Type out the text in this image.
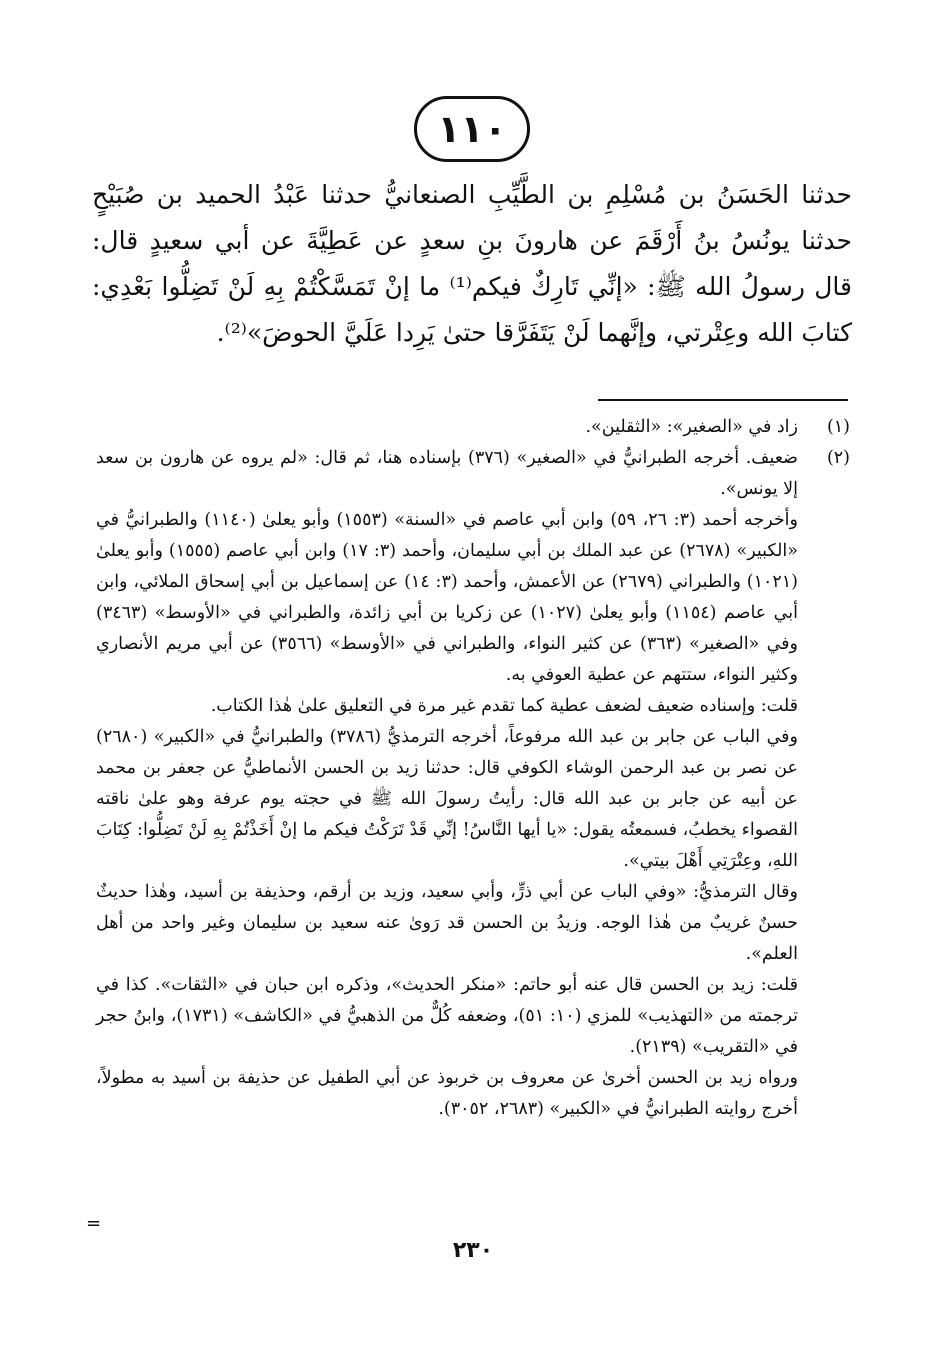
١١٠

حدثنا الحَسَنُ بن مُسْلِمِ بن الطَّيِّبِ الصنعانيُّ حدثنا عَبْدُ الحميد بن صُبَيْحٍ حدثنا يونُسُ بنُ أَرْقَمَ عن هارونَ بنِ سعدٍ عن عَطِيَّةَ عن أبي سعيدٍ قال: قال رسولُ الله ﷺ: «إنِّي تَارِكٌ فيكم⁽¹⁾ ما إنْ تَمَسَّكْتُمْ بِهِ لَنْ تَضِلُّوا بَعْدِي: كتابَ الله وعِتْرتي، وإنَّهما لَنْ يَتَفَرَّقا حتىٰ يَرِدا عَلَيَّ الحوضَ»⁽²⁾.

(١)

زاد في «الصغير»: «الثقلين».

(٢)

ضعيف. أخرجه الطبرانيُّ في «الصغير» (٣٧٦) بإسناده هنا، ثم قال: «لم يروه عن هارون بن سعد إلا يونس».

وأخرجه أحمد (٣: ٢٦، ٥٩) وابن أبي عاصم في «السنة» (١٥٥٣) وأبو يعلىٰ (١١٤٠) والطبرانيُّ في «الكبير» (٢٦٧٨) عن عبد الملك بن أبي سليمان، وأحمد (٣: ١٧) وابن أبي عاصم (١٥٥٥) وأبو يعلىٰ (١٠٢١) والطبراني (٢٦٧٩) عن الأعمش، وأحمد (٣: ١٤) عن إسماعيل بن أبي إسحاق الملائي، وابن أبي عاصم (١١٥٤) وأبو يعلىٰ (١٠٢٧) عن زكريا بن أبي زائدة، والطبراني في «الأوسط» (٣٤٦٣) وفي «الصغير» (٣٦٣) عن كثير النواء، والطبراني في «الأوسط» (٣٥٦٦) عن أبي مريم الأنصاري وكثير النواء، ستتهم عن عطية العوفي به.

قلت: وإسناده ضعيف لضعف عطية كما تقدم غير مرة في التعليق علىٰ هٰذا الكتاب.

وفي الباب عن جابر بن عبد الله مرفوعاً، أخرجه الترمذيُّ (٣٧٨٦) والطبرانيُّ في «الكبير» (٢٦٨٠) عن نصر بن عبد الرحمن الوشاء الكوفي قال: حدثنا زيد بن الحسن الأنماطيُّ عن جعفر بن محمد عن أبيه عن جابر بن عبد الله قال: رأيتُ رسولَ الله ﷺ في حجته يوم عرفة وهو علىٰ ناقته القصواء يخطبُ، فسمعتُه يقول: «يا أيها النَّاسُ! إنِّي قَدْ تَرَكْتُ فيكم ما إنْ أَخَذْتُمْ بِهِ لَنْ تَضِلُّوا: كِتَابَ اللهِ، وعِتْرَتِي أَهْلَ بيتي».

وقال الترمذيُّ: «وفي الباب عن أبي ذرٍّ، وأبي سعيد، وزيد بن أرقم، وحذيفة بن أسيد، وهٰذا حديثٌ حسنٌ غريبٌ من هٰذا الوجه. وزيدُ بن الحسن قد رَوىٰ عنه سعيد بن سليمان وغير واحد من أهل العلم».

قلت: زيد بن الحسن قال عنه أبو حاتم: «منكر الحديث»، وذكره ابن حبان في «الثقات». كذا في ترجمته من «التهذيب» للمزي (١٠: ٥١)، وضعفه كُلٌّ من الذهبيُّ في «الكاشف» (١٧٣١)، وابنُ حجر في «التقريب» (٢١٣٩).

ورواه زيد بن الحسن أخرىٰ عن معروف بن خربوذ عن أبي الطفيل عن حذيفة بن أسيد به مطولاً، أخرج روايته الطبرانيُّ في «الكبير» (٢٦٨٣، ٣٠٥٢).

=
٢٣٠
